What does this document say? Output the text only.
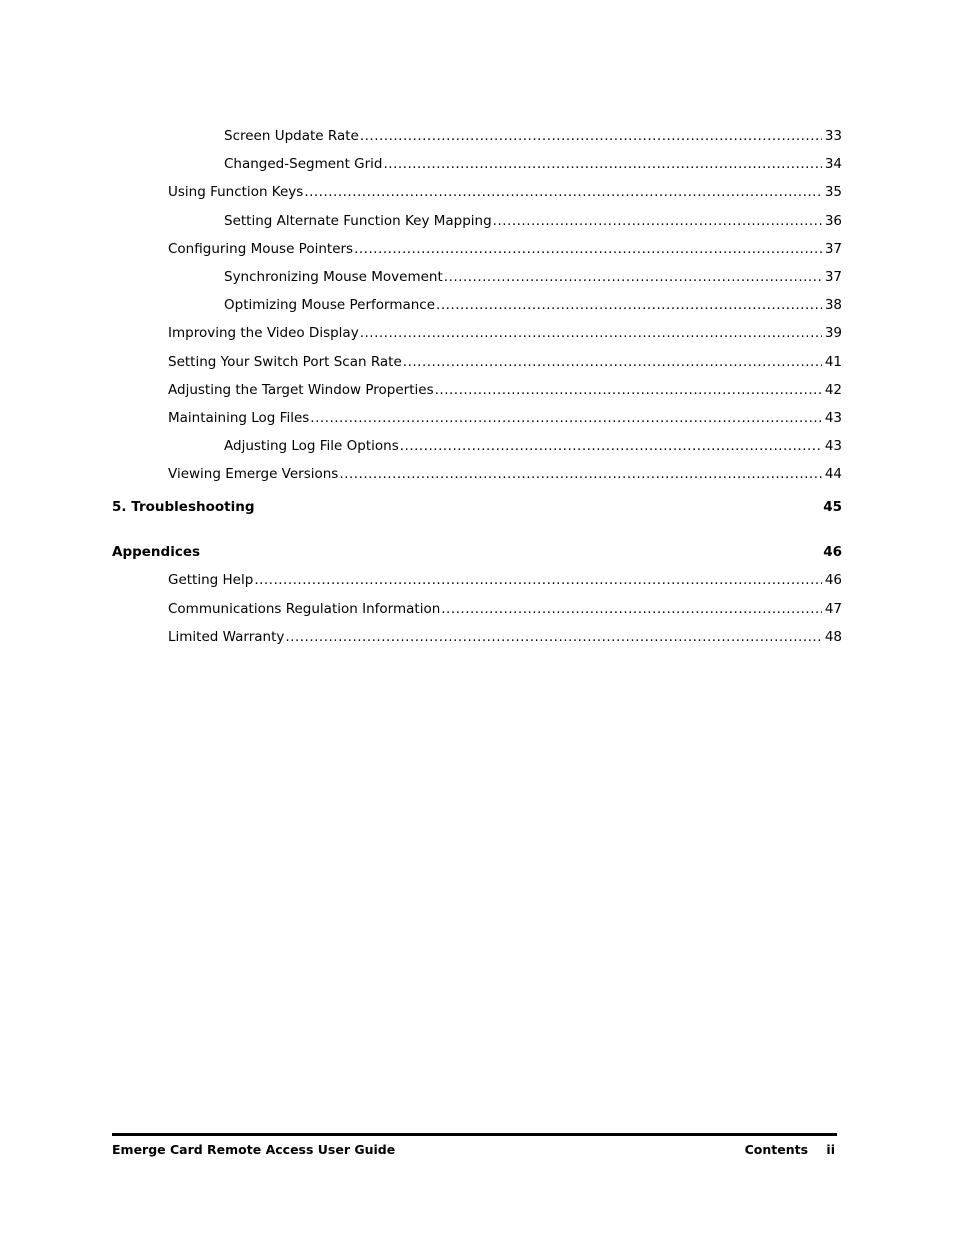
Screen Update Rate .....	33
Changed-Segment Grid .....	34
Using Function Keys .....	35
Setting Alternate Function Key Mapping .....	36
Configuring Mouse Pointers .....	37
Synchronizing Mouse Movement .....	37
Optimizing Mouse Performance .....	38
Improving the Video Display .....	39
Setting Your Switch Port Scan Rate .....	41
Adjusting the Target Window Properties .....	42
Maintaining Log Files .....	43
Adjusting Log File Options .....	43
Viewing Emerge Versions .....	44
5. Troubleshooting	45
Appendices	46
Getting Help .....	46
Communications Regulation Information .....	47
Limited Warranty .....	48
Emerge Card Remote Access User Guide	Contents ii
